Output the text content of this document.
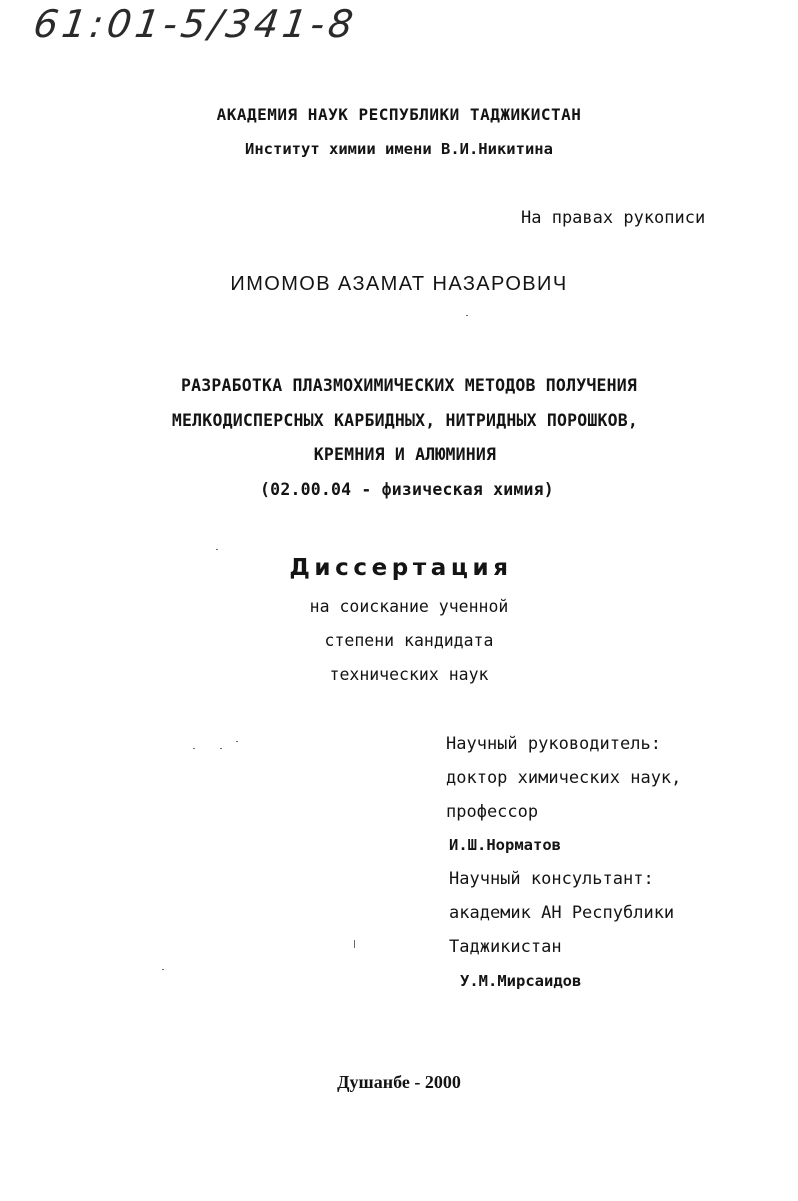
61:01-5/341-8
АКАДЕМИЯ НАУК РЕСПУБЛИКИ ТАДЖИКИСТАН
Институт химии имени В.И.Никитина
На правах рукописи
ИМОМОВ АЗАМАТ НАЗАРОВИЧ
РАЗРАБОТКА ПЛАЗМОХИМИЧЕСКИХ МЕТОДОВ ПОЛУЧЕНИЯ
МЕЛКОДИСПЕРСНЫХ КАРБИДНЫХ, НИТРИДНЫХ ПОРОШКОВ,
КРЕМНИЯ И АЛЮМИНИЯ
(02.00.04 - физическая химия)
Диссертация
на соискание ученной
степени кандидата
технических наук
Научный руководитель:
доктор химических наук,
профессор
И.Ш.Норматов
Научный консультант:
академик АН Республики
Таджикистан
У.М.Мирсаидов
Душанбе - 2000
